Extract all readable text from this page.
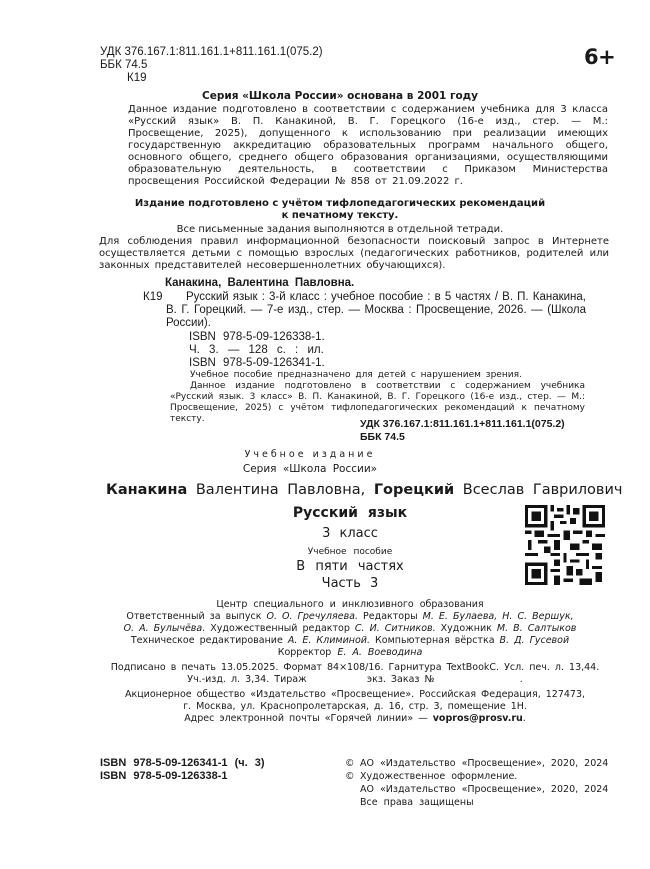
УДК 376.167.1:811.161.1+811.161.1(075.2)
ББК 74.5
К19
6+
Серия «Школа России» основана в 2001 году
Данное издание подготовлено в соответствии с содержанием учебника для 3 класса «Русский язык» В. П. Канакиной, В. Г. Горецкого (16-е изд., стер. — М.: Просвещение, 2025), допущенного к использованию при реализации имеющих государственную аккредитацию образовательных программ начального общего, основного общего, среднего общего образования организациями, осуществляющими образовательную деятельность, в соответствии с Приказом Министерства просвещения Российской Федерации № 858 от 21.09.2022 г.
Издание подготовлено с учётом тифлопедагогических рекомендаций
к печатному тексту.
Все письменные задания выполняются в отдельной тетради.
Для соблюдения правил информационной безопасности поисковый запрос в Интернете осуществляется детьми с помощью взрослых (педагогических работников, родителей или законных представителей несовершеннолетних обучающихся).
Канакина, Валентина Павловна.
К19	Русский язык : 3-й класс : учебное пособие : в 5 частях / В. П. Канакина, В. Г. Горецкий. — 7-е изд., стер. — Москва : Просвещение, 2026. — (Школа России).
ISBN 978-5-09-126338-1.
Ч. 3. — 128 с. : ил.
ISBN 978-5-09-126341-1.
Учебное пособие предназначено для детей с нарушением зрения.
Данное издание подготовлено в соответствии с содержанием учебника «Русский язык. 3 класс» В. П. Канакиной, В. Г. Горецкого (16-е изд., стер. — М.: Просвещение, 2025) с учётом тифлопедагогических рекомендаций к печатному тексту.	УДК 376.167.1:811.161.1+811.161.1(075.2)
ББК 74.5
Учебное издание
Серия «Школа России»
Канакина Валентина Павловна, Горецкий Всеслав Гаврилович
Русский язык
3 класс
Учебное пособие
В пяти частях
Часть 3
Центр специального и инклюзивного образования
Ответственный за выпуск О. О. Гречуляева. Редакторы М. Е. Булаева, Н. С. Вершук,
О. А. Булычёва. Художественный редактор С. И. Ситников. Художник М. В. Салтыков
Техническое редактирование А. Е. Климиной. Компьютерная вёрстка В. Д. Гусевой
Корректор Е. А. Воеводина
Подписано в печать 13.05.2025. Формат 84×108/16. Гарнитура TextBookC. Усл. печ. л. 13,44.
Уч.-изд. л. 3,34. Тираж            экз. Заказ №                 .
Акционерное общество «Издательство «Просвещение». Российская Федерация, 127473,
г. Москва, ул. Краснопролетарская, д. 16, стр. 3, помещение 1Н.
Адрес электронной почты «Горячей линии» — vopros@prosv.ru.
ISBN 978-5-09-126341-1 (ч. 3)
ISBN 978-5-09-126338-1
© АО «Издательство «Просвещение», 2020, 2024
© Художественное оформление.
АО «Издательство «Просвещение», 2020, 2024
Все права защищены
